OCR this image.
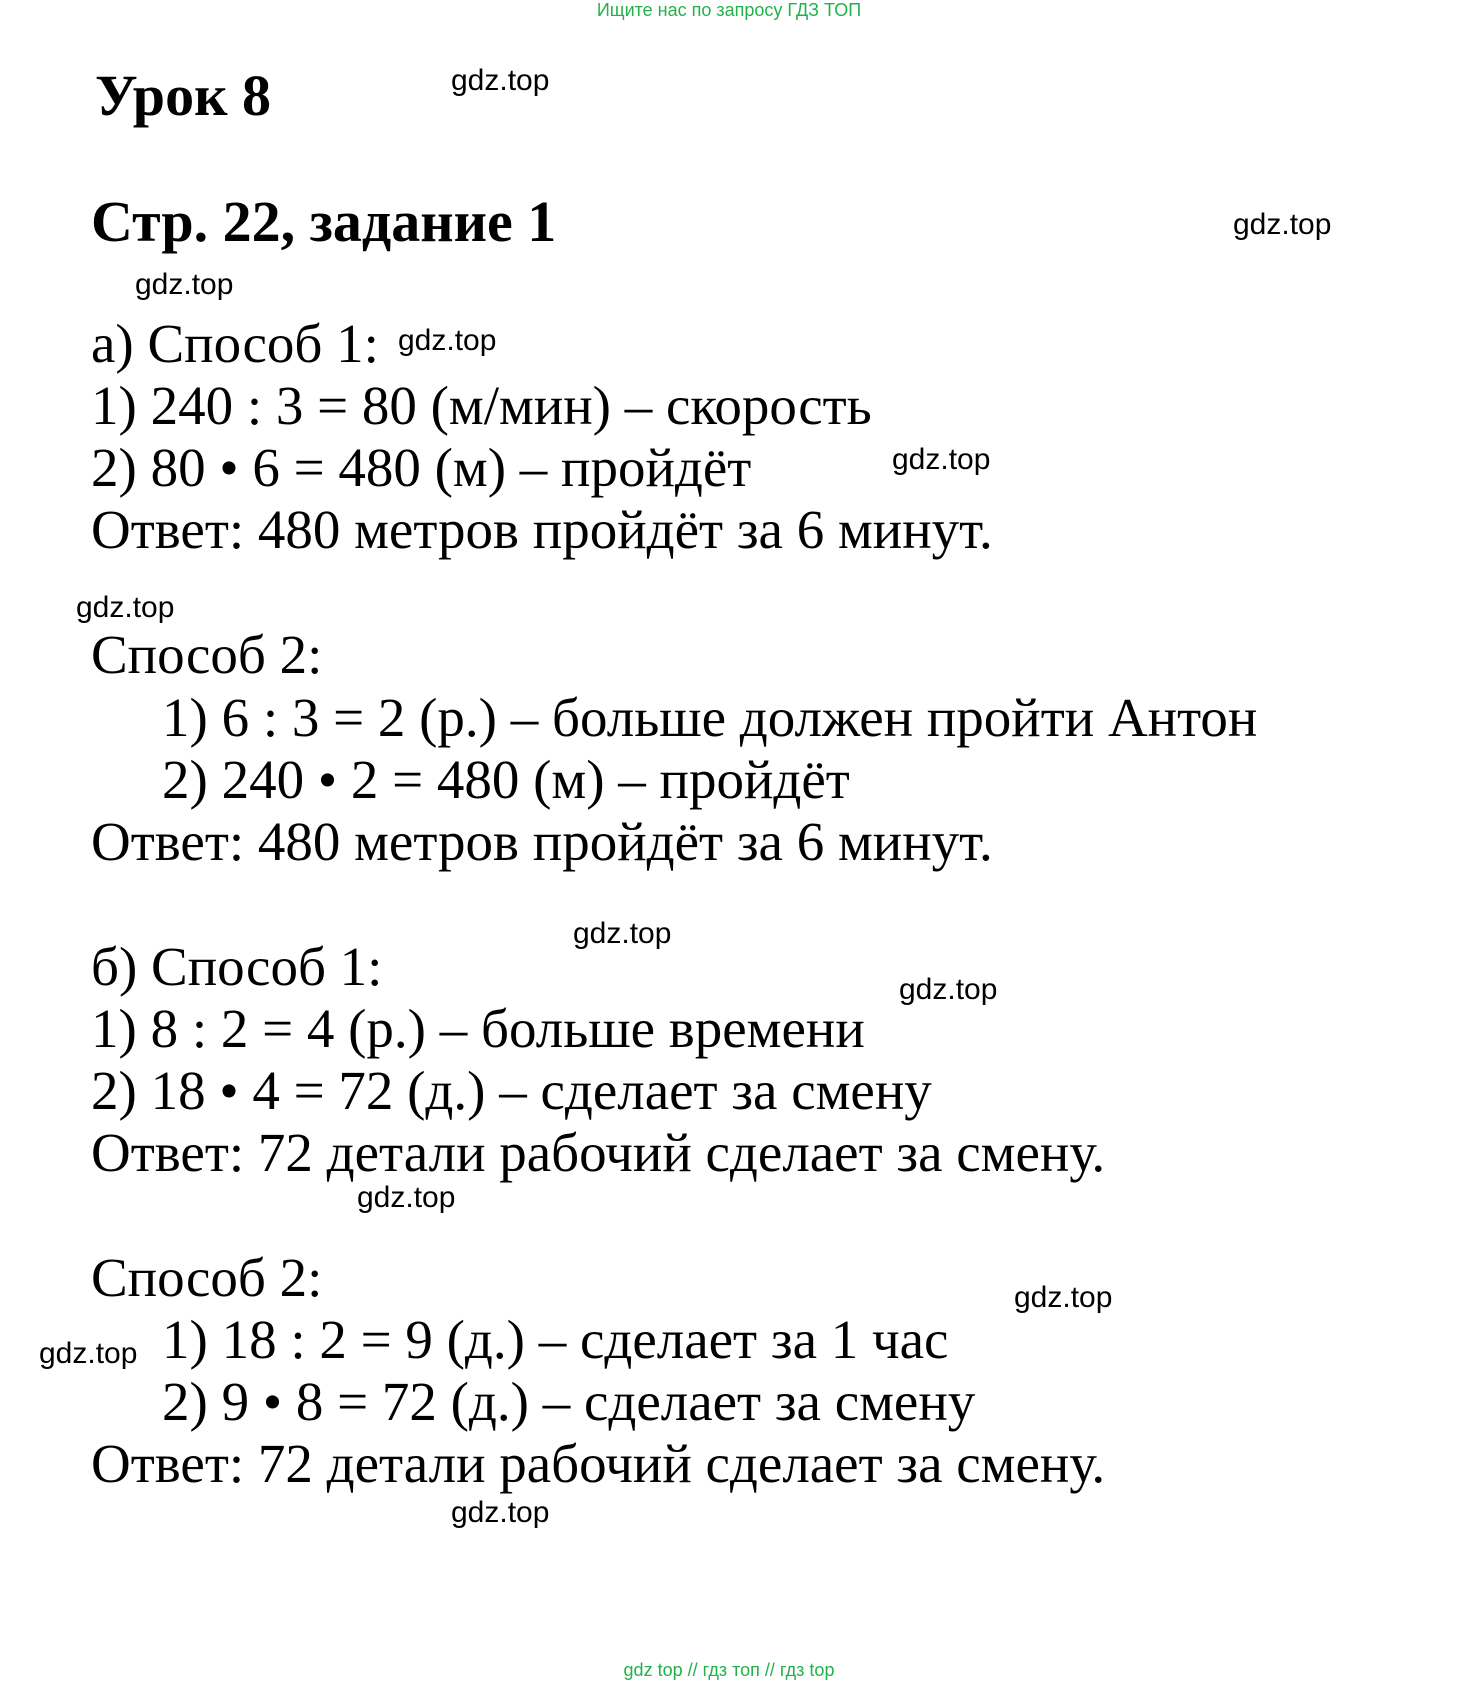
Ищите нас по запросу ГДЗ ТОП
Урок 8
Стр. 22, задание 1
а) Способ 1:
1) 240 : 3 = 80 (м/мин) – скорость
2) 80 • 6 = 480 (м) – пройдёт
Ответ: 480 метров пройдёт за 6 минут.
Способ 2:
1) 6 : 3 = 2 (р.) – больше должен пройти Антон
2) 240 • 2 = 480 (м) – пройдёт
Ответ: 480 метров пройдёт за 6 минут.
б) Способ 1:
1) 8 : 2 = 4 (р.) – больше времени
2) 18 • 4 = 72 (д.) – сделает за смену
Ответ: 72 детали рабочий сделает за смену.
Способ 2:
1) 18 : 2 = 9 (д.) – сделает за 1 час
2) 9 • 8 = 72 (д.) – сделает за смену
Ответ: 72 детали рабочий сделает за смену.
gdz.top
gdz.top
gdz.top
gdz.top
gdz.top
gdz.top
gdz.top
gdz.top
gdz.top
gdz.top
gdz.top
gdz.top
gdz top // гдз топ // гдз top
